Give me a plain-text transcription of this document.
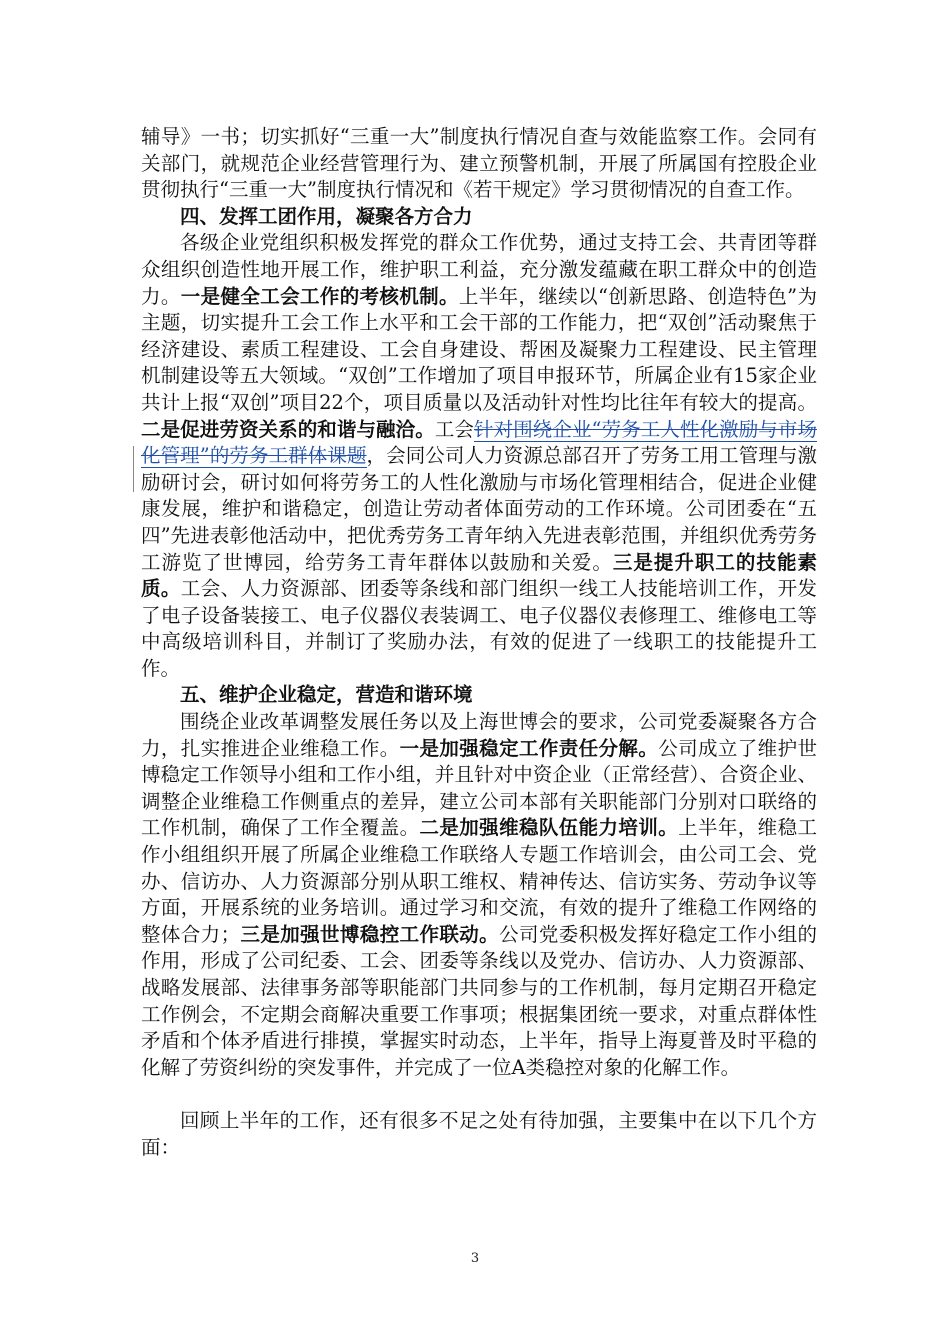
辅导》一书；切实抓好“三重一大”制度执行情况自查与效能监察工作。会同有关部门，就规范企业经营管理行为、建立预警机制，开展了所属国有控股企业贯彻执行“三重一大”制度执行情况和《若干规定》学习贯彻情况的自查工作。

四、发挥工团作用，凝聚各方合力

各级企业党组织积极发挥党的群众工作优势，通过支持工会、共青团等群众组织创造性地开展工作，维护职工利益，充分激发蕴藏在职工群众中的创造力。一是健全工会工作的考核机制。上半年，继续以“创新思路、创造特色”为主题，切实提升工会工作上水平和工会干部的工作能力，把“双创”活动聚焦于经济建设、素质工程建设、工会自身建设、帮困及凝聚力工程建设、民主管理机制建设等五大领域。“双创”工作增加了项目申报环节，所属企业有15家企业共计上报“双创”项目22个，项目质量以及活动针对性均比往年有较大的提高。二是促进劳资关系的和谐与融洽。工会针对围绕企业“劳务工人性化激励与市场化管理”的劳务工群体课题，会同公司人力资源总部召开了劳务工用工管理与激励研讨会，研讨如何将劳务工的人性化激励与市场化管理相结合，促进企业健康发展，维护和谐稳定，创造让劳动者体面劳动的工作环境。公司团委在“五四”先进表彰他活动中，把优秀劳务工青年纳入先进表彰范围，并组织优秀劳务工游览了世博园，给劳务工青年群体以鼓励和关爱。三是提升职工的技能素质。工会、人力资源部、团委等条线和部门组织一线工人技能培训工作，开发了电子设备装接工、电子仪器仪表装调工、电子仪器仪表修理工、维修电工等中高级培训科目，并制订了奖励办法，有效的促进了一线职工的技能提升工作。

五、维护企业稳定，营造和谐环境

围绕企业改革调整发展任务以及上海世博会的要求，公司党委凝聚各方合力，扎实推进企业维稳工作。一是加强稳定工作责任分解。公司成立了维护世博稳定工作领导小组和工作小组，并且针对中资企业（正常经营）、合资企业、调整企业维稳工作侧重点的差异，建立公司本部有关职能部门分别对口联络的工作机制，确保了工作全覆盖。二是加强维稳队伍能力培训。上半年，维稳工作小组组织开展了所属企业维稳工作联络人专题工作培训会，由公司工会、党办、信访办、人力资源部分别从职工维权、精神传达、信访实务、劳动争议等方面，开展系统的业务培训。通过学习和交流，有效的提升了维稳工作网络的整体合力；三是加强世博稳控工作联动。公司党委积极发挥好稳定工作小组的作用，形成了公司纪委、工会、团委等条线以及党办、信访办、人力资源部、战略发展部、法律事务部等职能部门共同参与的工作机制，每月定期召开稳定工作例会，不定期会商解决重要工作事项；根据集团统一要求，对重点群体性矛盾和个体矛盾进行排摸，掌握实时动态，上半年，指导上海夏普及时平稳的化解了劳资纠纷的突发事件，并完成了一位A类稳控对象的化解工作。

回顾上半年的工作，还有很多不足之处有待加强，主要集中在以下几个方面：

3
